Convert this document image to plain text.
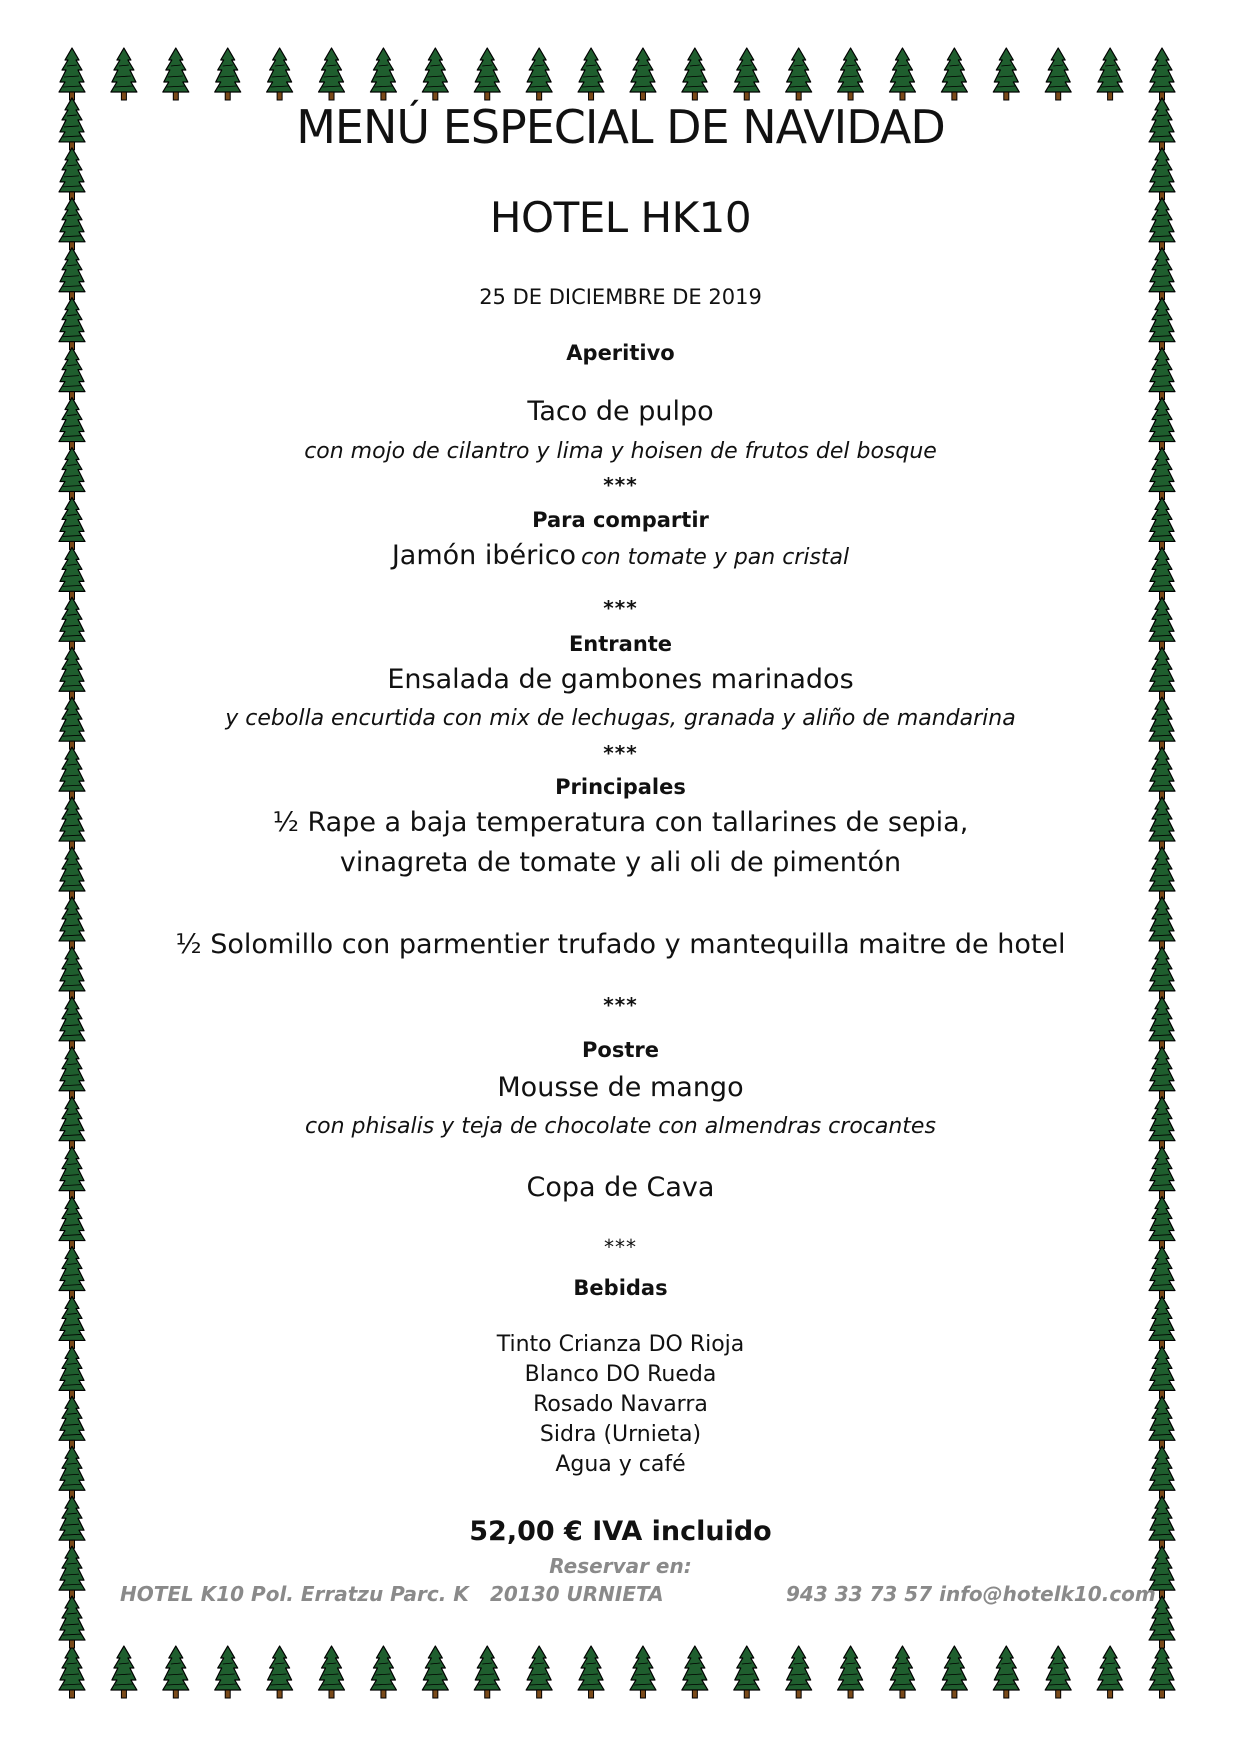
MENÚ ESPECIAL DE NAVIDAD
HOTEL HK10
25 DE DICIEMBRE DE 2019
Aperitivo
Taco de pulpo
con mojo de cilantro y lima y hoisen de frutos del bosque
***
Para compartir
Jamón ibérico con tomate y pan cristal
***
Entrante
Ensalada de gambones marinados
y cebolla encurtida con mix de lechugas, granada y aliño de mandarina
***
Principales
½ Rape a baja temperatura con tallarines de sepia,
vinagreta de tomate y ali oli de pimentón
½ Solomillo con parmentier trufado y mantequilla maitre de hotel
***
Postre
Mousse de mango
con phisalis y teja de chocolate con almendras crocantes
Copa de Cava
***
Bebidas
Tinto Crianza DO Rioja
Blanco DO Rueda
Rosado Navarra
Sidra (Urnieta)
Agua y café
52,00 € IVA incluido
Reservar en:
HOTEL K10 Pol. Erratzu Parc. K 20130 URNIETA	943 33 73 57 info@hotelk10.com
